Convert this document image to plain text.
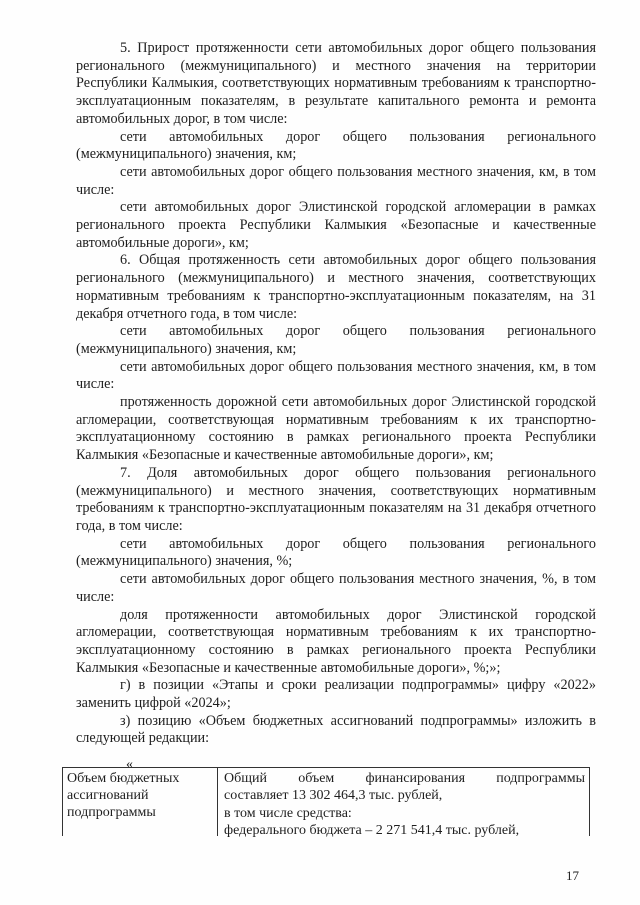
5. Прирост протяженности сети автомобильных дорог общего пользования регионального (межмуниципального) и местного значения на территории Республики Калмыкия, соответствующих нормативным требованиям к транспортно-эксплуатационным показателям, в результате капитального ремонта и ремонта автомобильных дорог, в том числе:

сети автомобильных дорог общего пользования регионального (межмуниципального) значения, км;

сети автомобильных дорог общего пользования местного значения, км, в том числе:

сети автомобильных дорог Элистинской городской агломерации в рамках регионального проекта Республики Калмыкия «Безопасные и качественные автомобильные дороги», км;

6. Общая протяженность сети автомобильных дорог общего пользования регионального (межмуниципального) и местного значения, соответствующих нормативным требованиям к транспортно-эксплуатационным показателям, на 31 декабря отчетного года, в том числе:

сети автомобильных дорог общего пользования регионального (межмуниципального) значения, км;

сети автомобильных дорог общего пользования местного значения, км, в том числе:

протяженность дорожной сети автомобильных дорог Элистинской городской агломерации, соответствующая нормативным требованиям к их транспортно-эксплуатационному состоянию в рамках регионального проекта Республики Калмыкия «Безопасные и качественные автомобильные дороги», км;

7. Доля автомобильных дорог общего пользования регионального (межмуниципального) и местного значения, соответствующих нормативным требованиям к транспортно-эксплуатационным показателям на 31 декабря отчетного года, в том числе:

сети автомобильных дорог общего пользования регионального (межмуниципального) значения, %;

сети автомобильных дорог общего пользования местного значения, %, в том числе:

доля протяженности автомобильных дорог Элистинской городской агломерации, соответствующая нормативным требованиям к их транспортно-эксплуатационному состоянию в рамках регионального проекта Республики Калмыкия «Безопасные и качественные автомобильные дороги», %;»;

г) в позиции «Этапы и сроки реализации подпрограммы» цифру «2022» заменить цифрой «2024»;

з) позицию «Объем бюджетных ассигнований подпрограммы» изложить в следующей редакции:

«
Объем бюджетных ассигнований подпрограммы
Общий объем финансирования подпрограммы
составляет 13 302 464,3 тыс. рублей,
в том числе средства:
федерального бюджета – 2 271 541,4 тыс. рублей,
17
